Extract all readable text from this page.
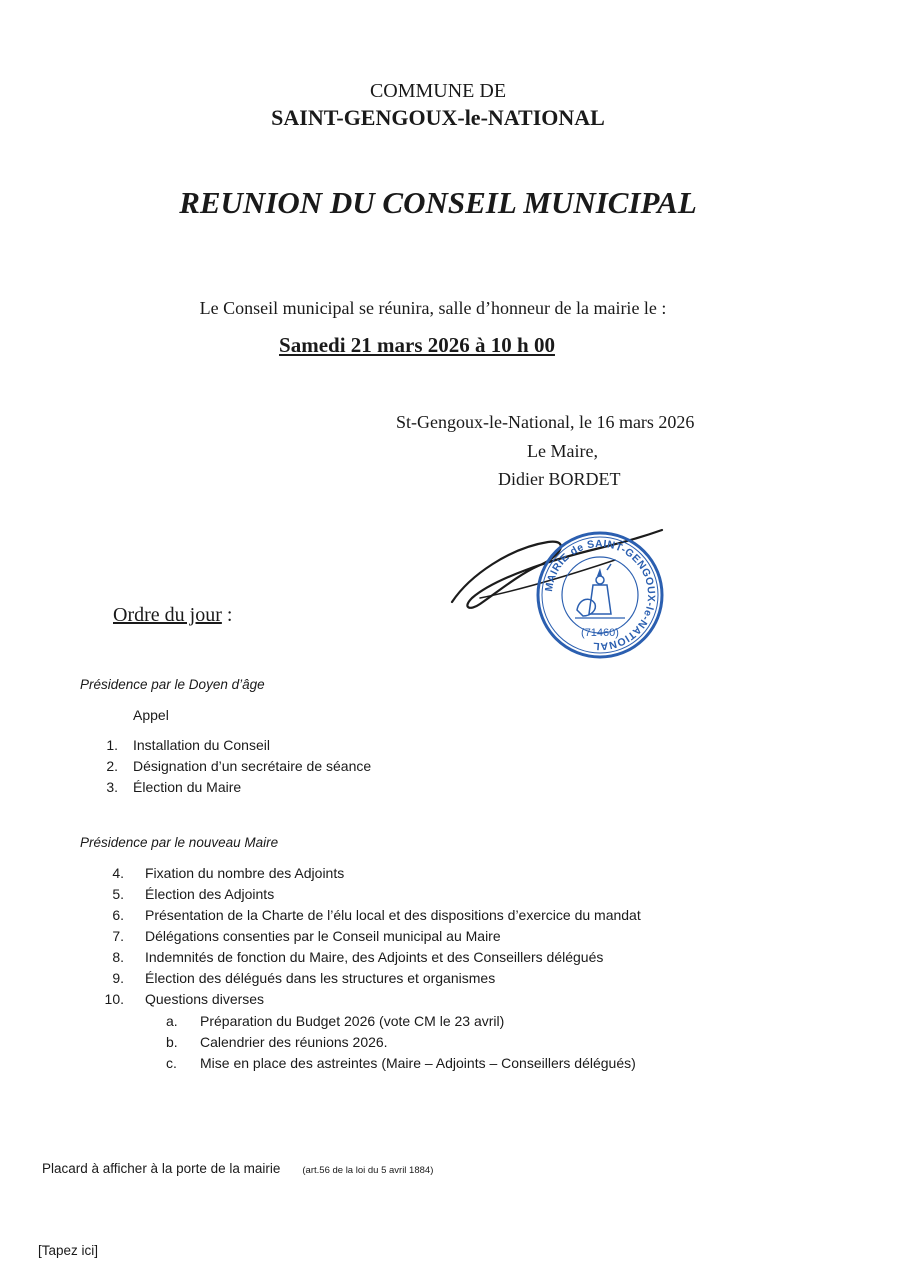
COMMUNE DE
SAINT-GENGOUX-le-NATIONAL
REUNION DU CONSEIL MUNICIPAL
Le Conseil municipal se réunira, salle d’honneur de la mairie le :
Samedi 21 mars 2026 à 10 h 00
St-Gengoux-le-National, le 16 mars 2026
Le Maire,
Didier BORDET
MAIRIE de SAINT-GENGOUX-le-NATIONAL
(71460)
Ordre du jour :
Présidence par le Doyen d’âge
Appel
1. Installation du Conseil
2. Désignation d’un secrétaire de séance
3. Élection du Maire
Présidence par le nouveau Maire
4. Fixation du nombre des Adjoints
5. Élection des Adjoints
6. Présentation de la Charte de l’élu local et des dispositions d’exercice du mandat
7. Délégations consenties par le Conseil municipal au Maire
8. Indemnités de fonction du Maire, des Adjoints et des Conseillers délégués
9. Élection des délégués dans les structures et organismes
10. Questions diverses
a. Préparation du Budget 2026 (vote CM le 23 avril)
b. Calendrier des réunions 2026.
c. Mise en place des astreintes (Maire – Adjoints – Conseillers délégués)
Placard à afficher à la porte de la mairie (art.56 de la loi du 5 avril 1884)
[Tapez ici]
